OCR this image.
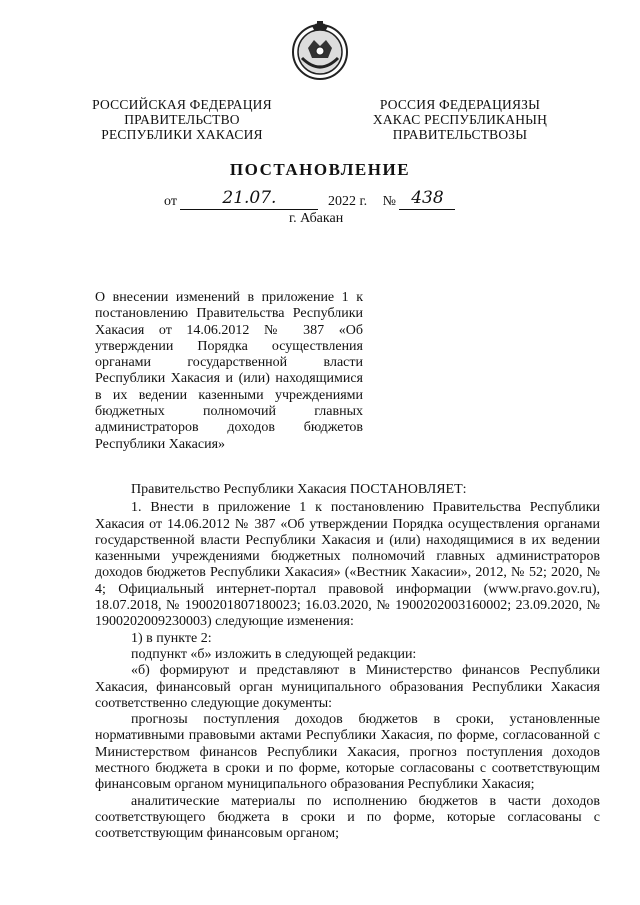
РОССИЙСКАЯ ФЕДЕРАЦИЯ
ПРАВИТЕЛЬСТВО
РЕСПУБЛИКИ ХАКАСИЯ
РОССИЯ ФЕДЕРАЦИЯЗЫ
ХАКАС РЕСПУБЛИКАНЫҢ
ПРАВИТЕЛЬСТВОЗЫ
ПОСТАНОВЛЕНИЕ
от	21.07.	2022 г. № 438
г. Абакан
О внесении изменений в приложение 1 к постановлению Правительства Республики Хакасия от 14.06.2012 № 387 «Об утверждении Порядка осуществления органами государственной власти Республики Хакасия и (или) находящимися в их ведении казенными учреждениями бюджетных полномочий главных администраторов доходов бюджетов Республики Хакасия»

Правительство Республики Хакасия ПОСТАНОВЛЯЕТ:

1. Внести в приложение 1 к постановлению Правительства Республики Хакасия от 14.06.2012 № 387 «Об утверждении Порядка осуществления органами государственной власти Республики Хакасия и (или) находящимися в их ведении казенными учреждениями бюджетных полномочий главных администраторов доходов бюджетов Республики Хакасия» («Вестник Хакасии», 2012, № 52; 2020, № 4; Официальный интернет-портал правовой информации (www.pravo.gov.ru), 18.07.2018, № 1900201807180023; 16.03.2020, № 1900202003160002; 23.09.2020, № 1900202009230003) следующие изменения:

1) в пункте 2:

подпункт «б» изложить в следующей редакции:

«б) формируют и представляют в Министерство финансов Республики Хакасия, финансовый орган муниципального образования Республики Хакасия соответственно следующие документы:

прогнозы поступления доходов бюджетов в сроки, установленные нормативными правовыми актами Республики Хакасия, по форме, согласованной с Министерством финансов Республики Хакасия, прогноз поступления доходов местного бюджета в сроки и по форме, которые согласованы с соответствующим финансовым органом муниципального образования Республики Хакасия;

аналитические материалы по исполнению бюджетов в части доходов соответствующего бюджета в сроки и по форме, которые согласованы с соответствующим финансовым органом;
